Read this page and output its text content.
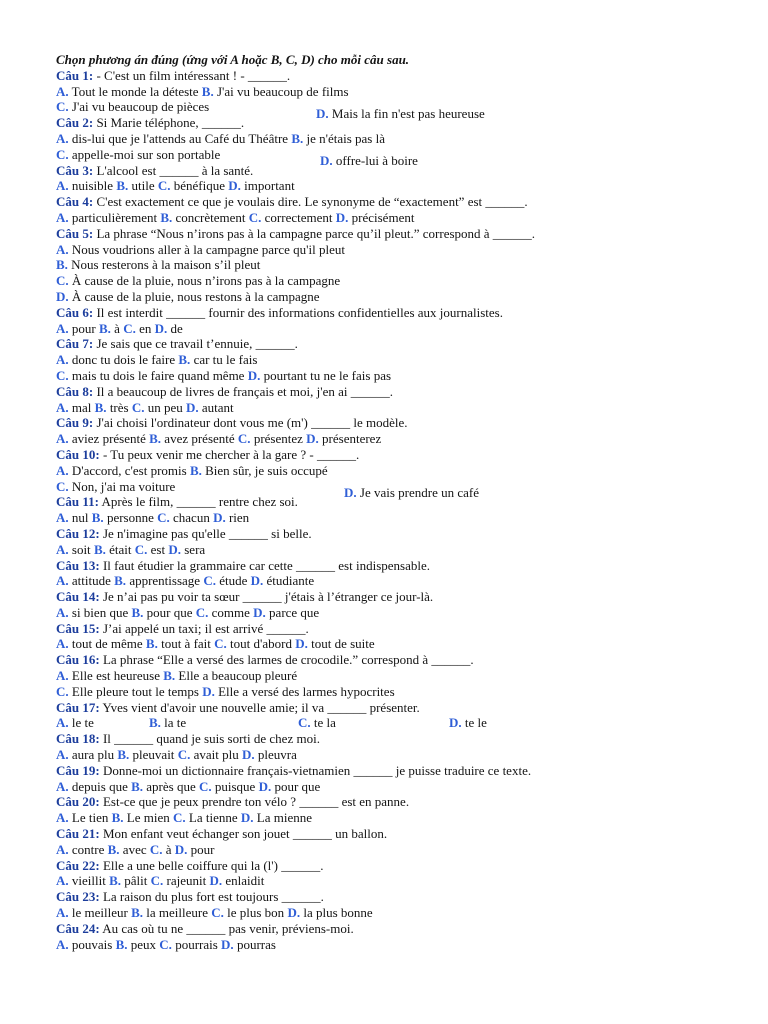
Chọn phương án đúng (ứng với A hoặc B, C, D) cho mỗi câu sau.
Câu 1: - C'est un film intéressant ! - ______.
A. Tout le monde la déteste B. J'ai vu beaucoup de films
C. J'ai vu beaucoup de pièces	D. Mais la fin n'est pas heureuse
Câu 2: Si Marie téléphone, ______.
A. dis-lui que je l'attends au Café du Théâtre B. je n'étais pas là
C. appelle-moi sur son portable	D. offre-lui à boire
Câu 3: L'alcool est ______ à la santé.
A. nuisible B. utile C. bénéfique D. important
Câu 4: C'est exactement ce que je voulais dire. Le synonyme de “exactement” est ______.
A. particulièrement B. concrètement C. correctement D. précisément
Câu 5: La phrase “Nous n’irons pas à la campagne parce qu’il pleut.” correspond à ______.
A. Nous voudrions aller à la campagne parce qu'il pleut
B. Nous resterons à la maison s’il pleut
C. À cause de la pluie, nous n’irons pas à la campagne
D. À cause de la pluie, nous restons à la campagne
Câu 6: Il est interdit ______ fournir des informations confidentielles aux journalistes.
A. pour B. à C. en D. de
Câu 7: Je sais que ce travail t’ennuie, ______.
A. donc tu dois le faire B. car tu le fais
C. mais tu dois le faire quand même D. pourtant tu ne le fais pas
Câu 8: Il a beaucoup de livres de français et moi, j'en ai ______.
A. mal B. très C. un peu D. autant
Câu 9: J'ai choisi l'ordinateur dont vous me (m') ______ le modèle.
A. aviez présenté B. avez présenté C. présentez D. présenterez
Câu 10: - Tu peux venir me chercher à la gare ? - ______.
A. D'accord, c'est promis B. Bien sûr, je suis occupé
C. Non, j'ai ma voiture	D. Je vais prendre un café
Câu 11: Après le film, ______ rentre chez soi.
A. nul B. personne C. chacun D. rien
Câu 12: Je n'imagine pas qu'elle ______ si belle.
A. soit B. était C. est D. sera
Câu 13: Il faut étudier la grammaire car cette ______ est indispensable.
A. attitude B. apprentissage C. étude D. étudiante
Câu 14: Je n’ai pas pu voir ta sœur ______ j'étais à l’étranger ce jour-là.
A. si bien que B. pour que C. comme D. parce que
Câu 15: J’ai appelé un taxi; il est arrivé ______.
A. tout de même B. tout à fait C. tout d'abord D. tout de suite
Câu 16: La phrase “Elle a versé des larmes de crocodile.” correspond à ______.
A. Elle est heureuse B. Elle a beaucoup pleuré
C. Elle pleure tout le temps D. Elle a versé des larmes hypocrites
Câu 17: Yves vient d'avoir une nouvelle amie; il va ______ présenter.
A. le te	B. la te	C. te la	D. te le
Câu 18: Il ______ quand je suis sorti de chez moi.
A. aura plu B. pleuvait C. avait plu D. pleuvra
Câu 19: Donne-moi un dictionnaire français-vietnamien ______ je puisse traduire ce texte.
A. depuis que B. après que C. puisque D. pour que
Câu 20: Est-ce que je peux prendre ton vélo ? ______ est en panne.
A. Le tien B. Le mien C. La tienne D. La mienne
Câu 21: Mon enfant veut échanger son jouet ______ un ballon.
A. contre B. avec C. à D. pour
Câu 22: Elle a une belle coiffure qui la (l') ______.
A. vieillit B. pâlit C. rajeunit D. enlaidit
Câu 23: La raison du plus fort est toujours ______.
A. le meilleur B. la meilleure C. le plus bon D. la plus bonne
Câu 24: Au cas où tu ne ______ pas venir, préviens-moi.
A. pouvais B. peux C. pourrais D. pourras
